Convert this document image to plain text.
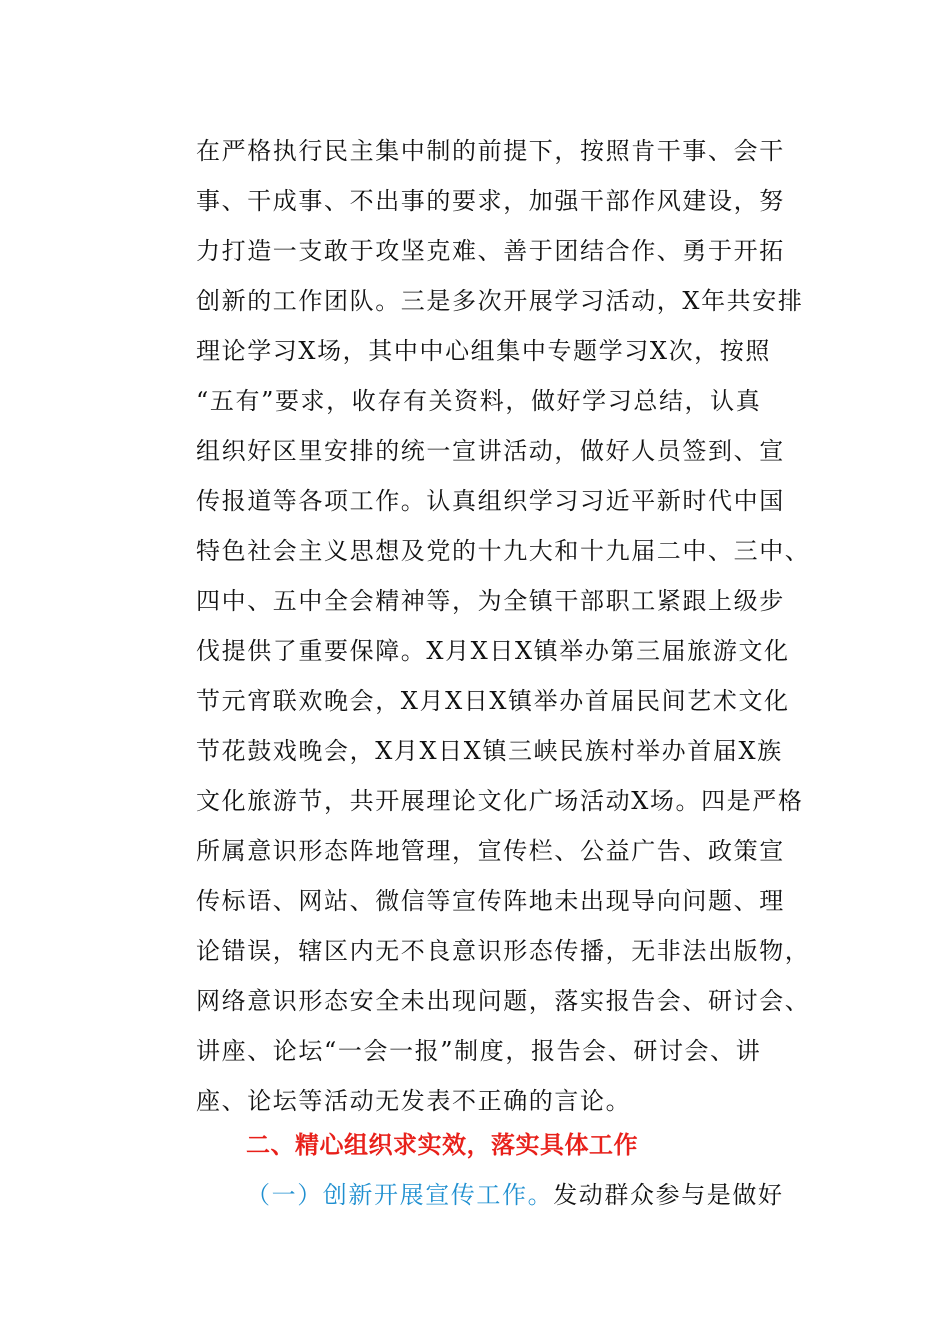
在严格执行民主集中制的前提下，按照肯干事、会干
事、干成事、不出事的要求，加强干部作风建设，努
力打造一支敢于攻坚克难、善于团结合作、勇于开拓
创新的工作团队。三是多次开展学习活动，X年共安排
理论学习X场，其中中心组集中专题学习X次，按照
“五有”要求，收存有关资料，做好学习总结，认真
组织好区里安排的统一宣讲活动，做好人员签到、宣
传报道等各项工作。认真组织学习习近平新时代中国
特色社会主义思想及党的十九大和十九届二中、三中、
四中、五中全会精神等，为全镇干部职工紧跟上级步
伐提供了重要保障。X月X日X镇举办第三届旅游文化
节元宵联欢晚会，X月X日X镇举办首届民间艺术文化
节花鼓戏晚会，X月X日X镇三峡民族村举办首届X族
文化旅游节，共开展理论文化广场活动X场。四是严格
所属意识形态阵地管理，宣传栏、公益广告、政策宣
传标语、网站、微信等宣传阵地未出现导向问题、理
论错误，辖区内无不良意识形态传播，无非法出版物，
网络意识形态安全未出现问题，落实报告会、研讨会、
讲座、论坛“一会一报”制度，报告会、研讨会、讲
座、论坛等活动无发表不正确的言论。
二、精心组织求实效，落实具体工作
（一）创新开展宣传工作。发动群众参与是做好
